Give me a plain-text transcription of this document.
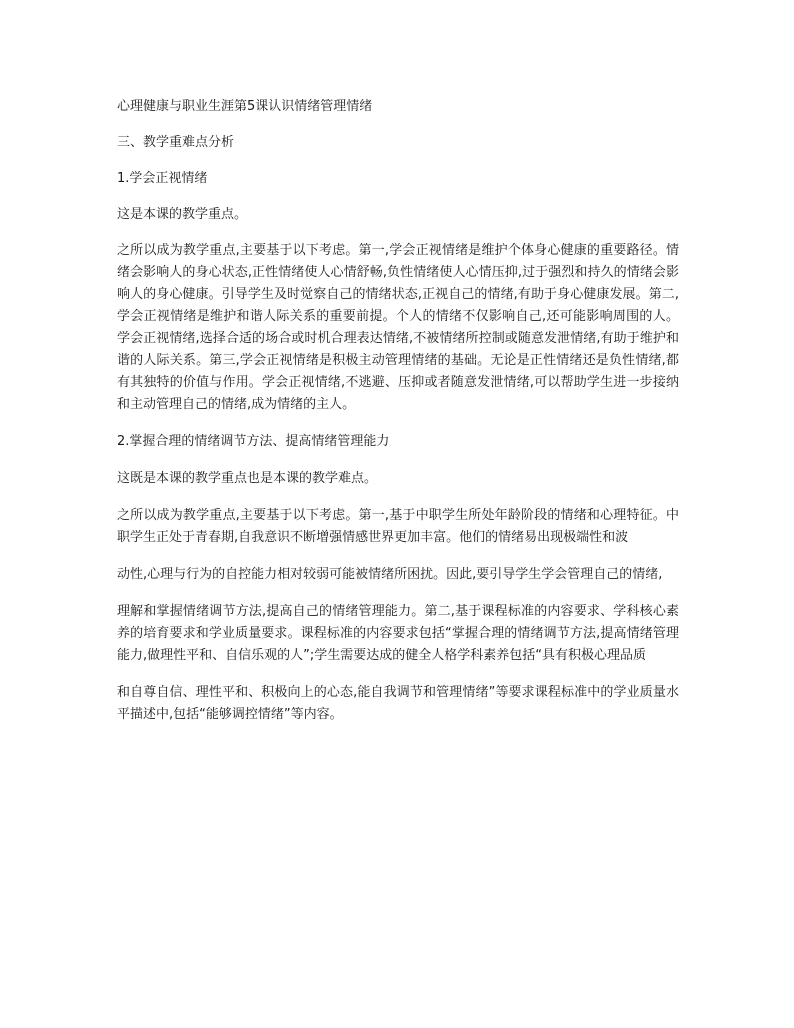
心理健康与职业生涯第5课认识情绪管理情绪

三、教学重难点分析

1.学会正视情绪

这是本课的教学重点。

之所以成为教学重点,主要基于以下考虑。第一,学会正视情绪是维护个体身心健康的重要路径。情绪会影响人的身心状态,正性情绪使人心情舒畅,负性情绪使人心情压抑,过于强烈和持久的情绪会影响人的身心健康。引导学生及时觉察自己的情绪状态,正视自己的情绪,有助于身心健康发展。第二,学会正视情绪是维护和谐人际关系的重要前提。个人的情绪不仅影响自己,还可能影响周围的人。学会正视情绪,选择合适的场合或时机合理表达情绪,不被情绪所控制或随意发泄情绪,有助于维护和谐的人际关系。第三,学会正视情绪是积极主动管理情绪的基础。无论是正性情绪还是负性情绪,都有其独特的价值与作用。学会正视情绪,不逃避、压抑或者随意发泄情绪,可以帮助学生进一步接纳和主动管理自己的情绪,成为情绪的主人。

2.掌握合理的情绪调节方法、提高情绪管理能力

这既是本课的教学重点也是本课的教学难点。

之所以成为教学重点,主要基于以下考虑。第一,基于中职学生所处年龄阶段的情绪和心理特征。中职学生正处于青春期,自我意识不断增强情感世界更加丰富。他们的情绪易出现极端性和波

动性,心理与行为的自控能力相对较弱可能被情绪所困扰。因此,要引导学生学会管理自己的情绪,

理解和掌握情绪调节方法,提高自己的情绪管理能力。第二,基于课程标准的内容要求、学科核心素养的培育要求和学业质量要求。课程标准的内容要求包括“掌握合理的情绪调节方法,提高情绪管理能力,做理性平和、自信乐观的人”;学生需要达成的健全人格学科素养包括“具有积极心理品质

和自尊自信、理性平和、积极向上的心态,能自我调节和管理情绪”等要求课程标准中的学业质量水平描述中,包括“能够调控情绪”等内容。
